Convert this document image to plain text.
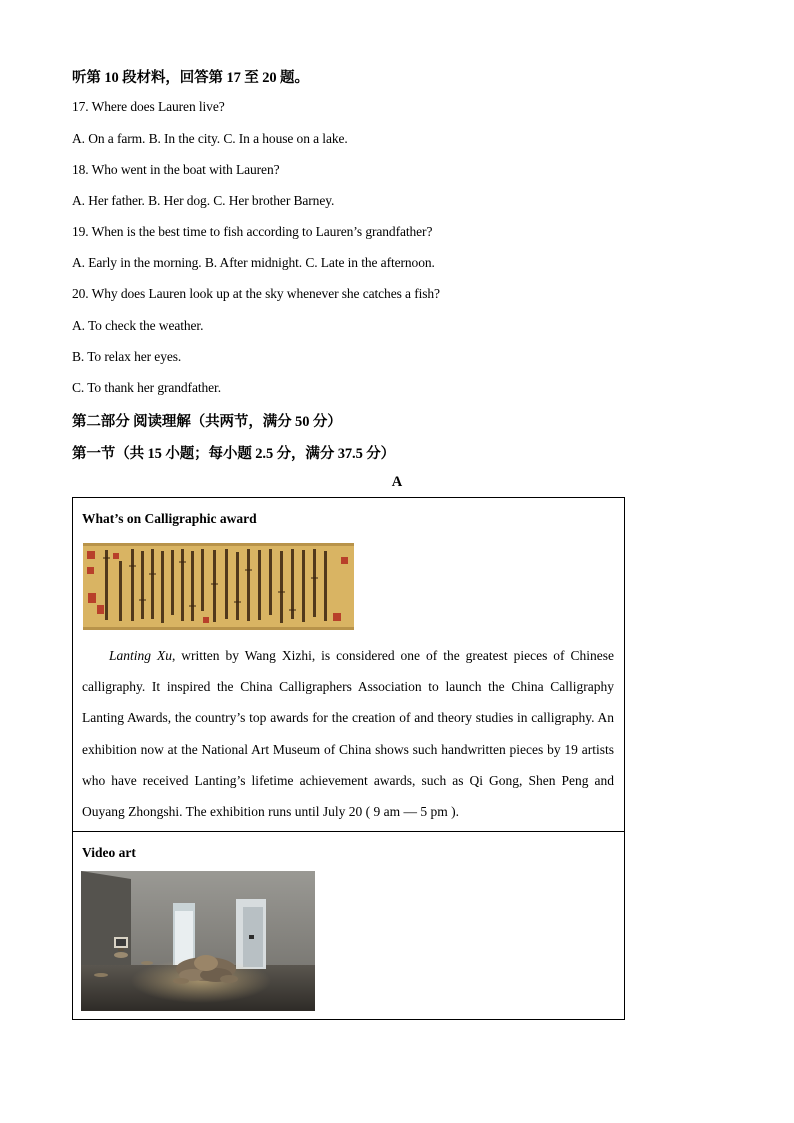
听第 10 段材料，回答第 17 至 20 题。
17. Where does Lauren live?
A. On a farm. B. In the city. C. In a house on a lake.
18. Who went in the boat with Lauren?
A. Her father. B. Her dog. C. Her brother Barney.
19. When is the best time to fish according to Lauren’s grandfather?
A. Early in the morning. B. After midnight. C. Late in the afternoon.
20. Why does Lauren look up at the sky whenever she catches a fish?
A. To check the weather.
B. To relax her eyes.
C. To thank her grandfather.
第二部分 阅读理解（共两节，满分 50 分）
第一节（共 15 小题；每小题 2.5 分，满分 37.5 分）
A
What’s on Calligraphic award
Lanting Xu, written by Wang Xizhi, is considered one of the greatest pieces of Chinese calligraphy. It inspired the China Calligraphers Association to launch the China Calligraphy Lanting Awards, the country’s top awards for the creation of and theory studies in calligraphy. An exhibition now at the National Art Museum of China shows such handwritten pieces by 19 artists who have received Lanting’s lifetime achievement awards, such as Qi Gong, Shen Peng and Ouyang Zhongshi. The exhibition runs until July 20 ( 9 am — 5 pm ).
Video art
